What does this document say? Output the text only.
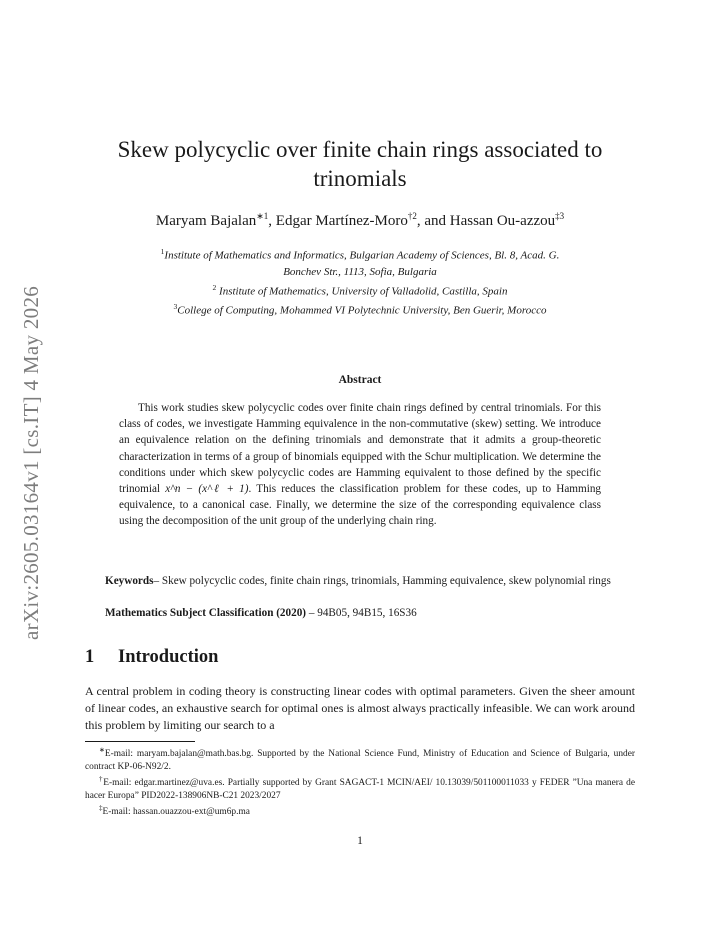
arXiv:2605.03164v1 [cs.IT] 4 May 2026
Skew polycyclic over finite chain rings associated to
trinomials
Maryam Bajalan$^{∗1}$, Edgar Martínez-Moro$^{\dagger 2}$, and Hassan Ou-azzou$^{\ddagger 3}$
$^1$Institute of Mathematics and Informatics, Bulgarian Academy of Sciences, Bl. 8, Acad. G.
Bonchev Str., 1113, Sofia, Bulgaria
$^2$ Institute of Mathematics, University of Valladolid, Castilla, Spain
$^3$College of Computing, Mohammed VI Polytechnic University, Ben Guerir, Morocco
Abstract
This work studies skew polycyclic codes over finite chain rings defined by central trinomials. For this class of codes, we investigate Hamming equivalence in the non-commutative (skew) setting. We introduce an equivalence relation on the defining trinomials and demonstrate that it admits a group-theoretic characterization in terms of a group of binomials equipped with the Schur multiplication. We determine the conditions under which skew polycyclic codes are Hamming equivalent to those defined by the specific trinomial x^n − (x^ℓ + 1). This reduces the classification problem for these codes, up to Hamming equivalence, to a canonical case. Finally, we determine the size of the corresponding equivalence class using the decomposition of the unit group of the underlying chain ring.
Keywords– Skew polycyclic codes, finite chain rings, trinomials, Hamming equivalence, skew polynomial rings
Mathematics Subject Classification (2020) – 94B05, 94B15, 16S36
1 Introduction
A central problem in coding theory is constructing linear codes with optimal parameters. Given the sheer amount of linear codes, an exhaustive search for optimal ones is almost always practically infeasible. We can work around this problem by limiting our search to a
∗E-mail: maryam.bajalan@math.bas.bg. Supported by the National Science Fund, Ministry of Education and Science of Bulgaria, under contract KP-06-N92/2.
†E-mail: edgar.martinez@uva.es. Partially supported by Grant SAGACT-1 MCIN/AEI/ 10.13039/501100011033 y FEDER ”Una manera de hacer Europa” PID2022-138906NB-C21 2023/2027
‡E-mail: hassan.ouazzou-ext@um6p.ma
1
